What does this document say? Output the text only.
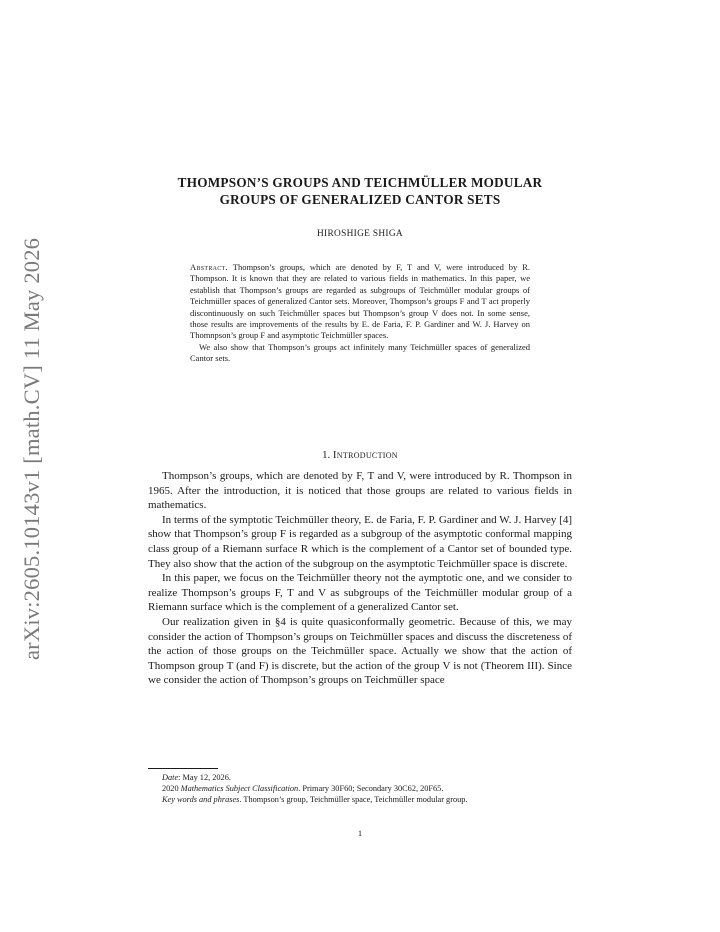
arXiv:2605.10143v1 [math.CV] 11 May 2026
THOMPSON’S GROUPS AND TEICHMÜLLER MODULAR
GROUPS OF GENERALIZED CANTOR SETS
HIROSHIGE SHIGA

Abstract. Thompson’s groups, which are denoted by F, T and V, were introduced by R. Thompson. It is known that they are related to various fields in mathematics. In this paper, we establish that Thompson’s groups are regarded as subgroups of Teichmüller modular groups of Teichmüller spaces of generalized Cantor sets. Moreover, Thompson’s groups F and T act properly discontinuously on such Teichmüller spaces but Thompson’s group V does not. In some sense, those results are improvements of the results by E. de Faria, F. P. Gardiner and W. J. Harvey on Thomnpson’s group F and asymptotic Teichmüller spaces.

We also show that Thompson’s groups act infinitely many Teichmüller spaces of generalized Cantor sets.

1. Introduction

Thompson’s groups, which are denoted by F, T and V, were introduced by R. Thompson in 1965. After the introduction, it is noticed that those groups are related to various fields in mathematics.

In terms of the symptotic Teichmüller theory, E. de Faria, F. P. Gardiner and W. J. Harvey [4] show that Thompson’s group F is regarded as a subgroup of the asymptotic conformal mapping class group of a Riemann surface R which is the complement of a Cantor set of bounded type. They also show that the action of the subgroup on the asymptotic Teichmüller space is discrete.

In this paper, we focus on the Teichmüller theory not the aymptotic one, and we consider to realize Thompson’s groups F, T and V as subgroups of the Teichmüller modular group of a Riemann surface which is the complement of a generalized Cantor set.

Our realization given in §4 is quite quasiconformally geometric. Because of this, we may consider the action of Thompson’s groups on Teichmüller spaces and discuss the discreteness of the action of those groups on the Teichmüller space. Actually we show that the action of Thompson group T (and F) is discrete, but the action of the group V is not (Theorem III). Since we consider the action of Thompson’s groups on Teichmüller space

Date: May 12, 2026.

2020 Mathematics Subject Classification. Primary 30F60; Secondary 30C62, 20F65.

Key words and phrases. Thompson’s group, Teichmüller space, Teichmüller modular group.

1
